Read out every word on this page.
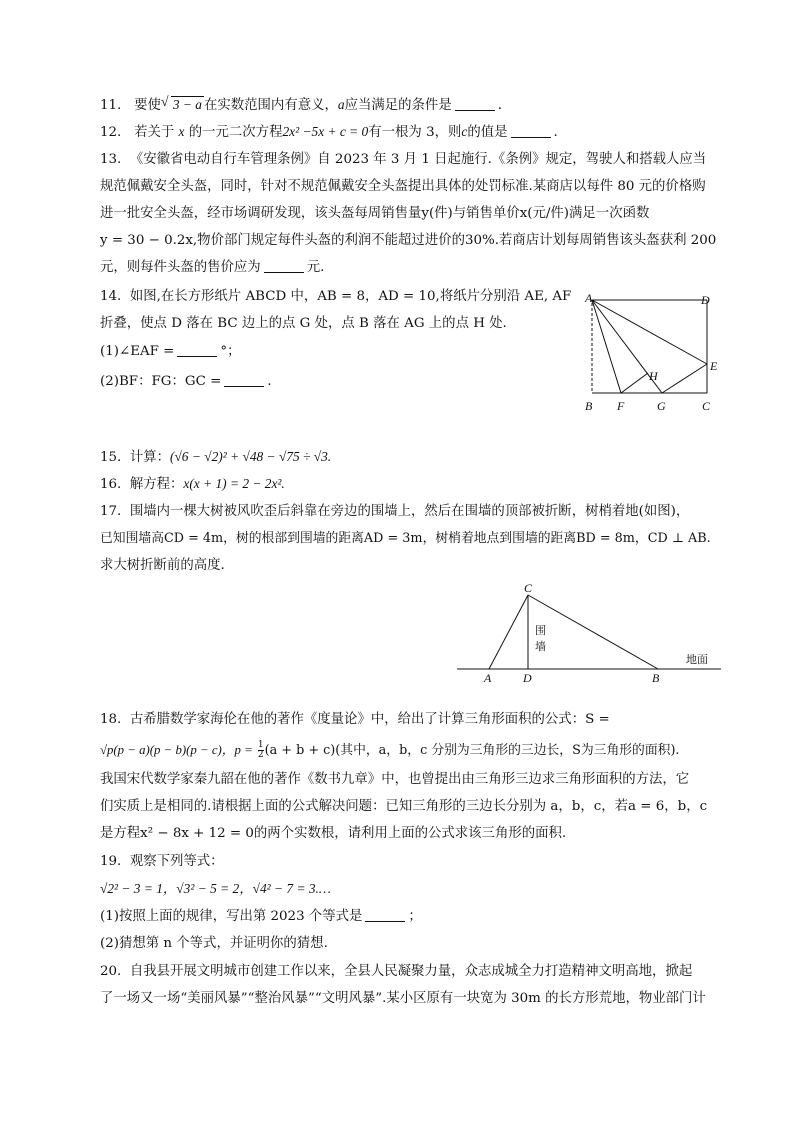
11. 要使√ 3 − a 在实数范围内有意义，a应当满足的条件是	.
12. 若关于 x 的一元二次方程2x² −5x + c = 0有一根为 3，则c的值是	.
13. 《安徽省电动自行车管理条例》自 2023 年 3 月 1 日起施行.《条例》规定，驾驶人和搭载人应当
规范佩戴安全头盔，同时，针对不规范佩戴安全头盔提出具体的处罚标准.某商店以每件 80 元的价格购
进一批安全头盔，经市场调研发现，该头盔每周销售量y(件)与销售单价x(元/件)满足一次函数
y = 30 − 0.2x,物价部门规定每件头盔的利润不能超过进价的30%.若商店计划每周销售该头盔获利 200
元，则每件头盔的售价应为	元.
14. 如图,在长方形纸片 ABCD 中，AB = 8，AD = 10,将纸片分别沿 AE, AF
折叠，使点 D 落在 BC 边上的点 G 处，点 B 落在 AG 上的点 H 处.
(1)∠EAF =	°；
(2)BF：FG：GC =	.
A	D
B	C
E
F	G
H
15. 计算：(√6 − √2)² + √48 − √75 ÷ √3.
16. 解方程：x(x + 1) = 2 − 2x².
17. 围墙内一棵大树被风吹歪后斜靠在旁边的围墙上，然后在围墙的顶部被折断，树梢着地(如图)，
已知围墙高CD = 4m，树的根部到围墙的距离AD = 3m，树梢着地点到围墙的距离BD = 8m，CD ⊥ AB.
求大树折断前的高度.
C
A	D	B
围
墙
地面
18. 古希腊数学家海伦在他的著作《度量论》中，给出了计算三角形面积的公式：S =
√p(p − a)(p − b)(p − c)，$p = \frac{1}{2} (a + b + c)$(其中，a，b，c 分别为三角形的三边长，S为三角形的面积).
我国宋代数学家秦九韶在他的著作《数书九章》中，也曾提出由三角形三边求三角形面积的方法，它
们实质上是相同的.请根据上面的公式解决问题：已知三角形的三边长分别为 a，b，c，若a = 6，b，c
是方程x² − 8x + 12 = 0的两个实数根，请利用上面的公式求该三角形的面积.
19. 观察下列等式：
√2² − 3 = 1，√3² − 5 = 2，√4² − 7 = 3.…
(1)按照上面的规律，写出第 2023 个等式是	；
(2)猜想第 n 个等式，并证明你的猜想.
20. 自我县开展文明城市创建工作以来，全县人民凝聚力量，众志成城全力打造精神文明高地，掀起
了一场又一场“美丽风暴”“整治风暴”“文明风暴”.某小区原有一块宽为 30m 的长方形荒地，物业部门计
